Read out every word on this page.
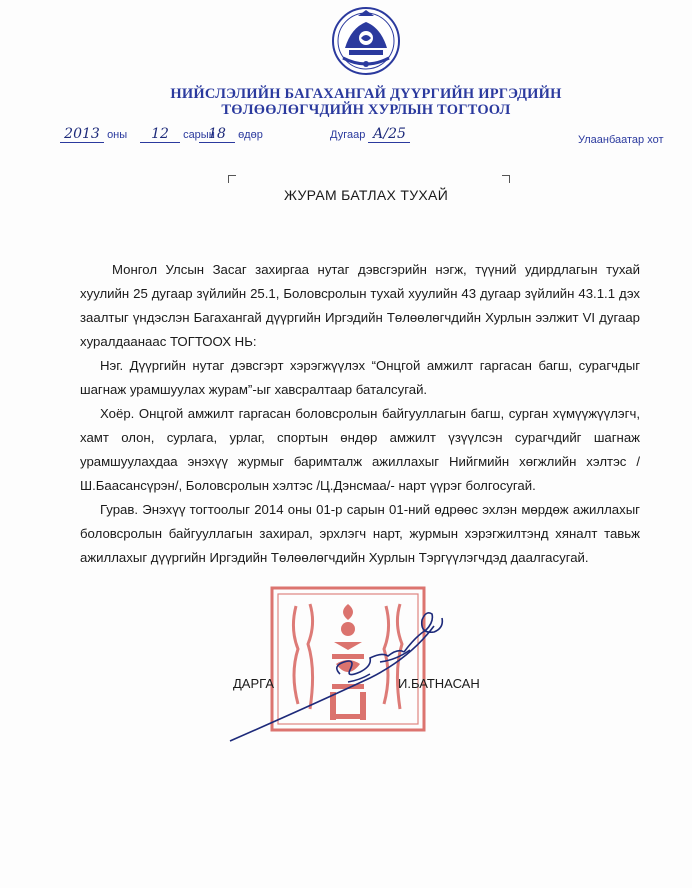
НИЙСЛЭЛИЙН БАГАХАНГАЙ ДҮҮРГИЙН ИРГЭДИЙН
ТӨЛӨӨЛӨГЧДИЙН ХУРЛЫН ТОГТООЛ
2013 оны	12 сарын
18 өдөр	Дугаар А/25	Улаанбаатар хот
ЖУРАМ БАТЛАХ ТУХАЙ
Монгол Улсын Засаг захиргаа нутаг дэвсгэрийн нэгж, түүний удирдлагын тухай хуулийн 25 дугаар зүйлийн 25.1, Боловсролын тухай хуулийн 43 дугаар зүйлийн 43.1.1 дэх заалтыг үндэслэн Багахангай дүүргийн Иргэдийн Төлөөлөгчдийн Хурлын ээлжит VI дугаар хуралдаанаас ТОГТООХ НЬ:
Нэг. Дүүргийн нутаг дэвсгэрт хэрэгжүүлэх “Онцгой амжилт гаргасан багш, сурагчдыг шагнаж урамшуулах журам”-ыг хавсралтаар баталсугай.
Хоёр. Онцгой амжилт гаргасан боловсролын байгууллагын багш, сурган хүмүүжүүлэгч, хамт олон, сурлага, урлаг, спортын өндөр амжилт үзүүлсэн сурагчдийг шагнаж урамшуулахдаа энэхүү журмыг баримталж ажиллахыг Нийгмийн хөгжлийн хэлтэс /Ш.Баасансүрэн/, Боловсролын хэлтэс /Ц.Дэнсмаа/- нарт үүрэг болгосугай.
Гурав. Энэхүү тогтоолыг 2014 оны 01-р сарын 01-ний өдрөөс эхлэн мөрдөж ажиллахыг боловсролын байгууллагын захирал, эрхлэгч нарт, журмын хэрэгжилтэнд хяналт тавьж ажиллахыг дүүргийн Иргэдийн Төлөөлөгчдийн Хурлын Тэргүүлэгчдэд даалгасугай.
ДАРГА	И.БАТНАСАН
